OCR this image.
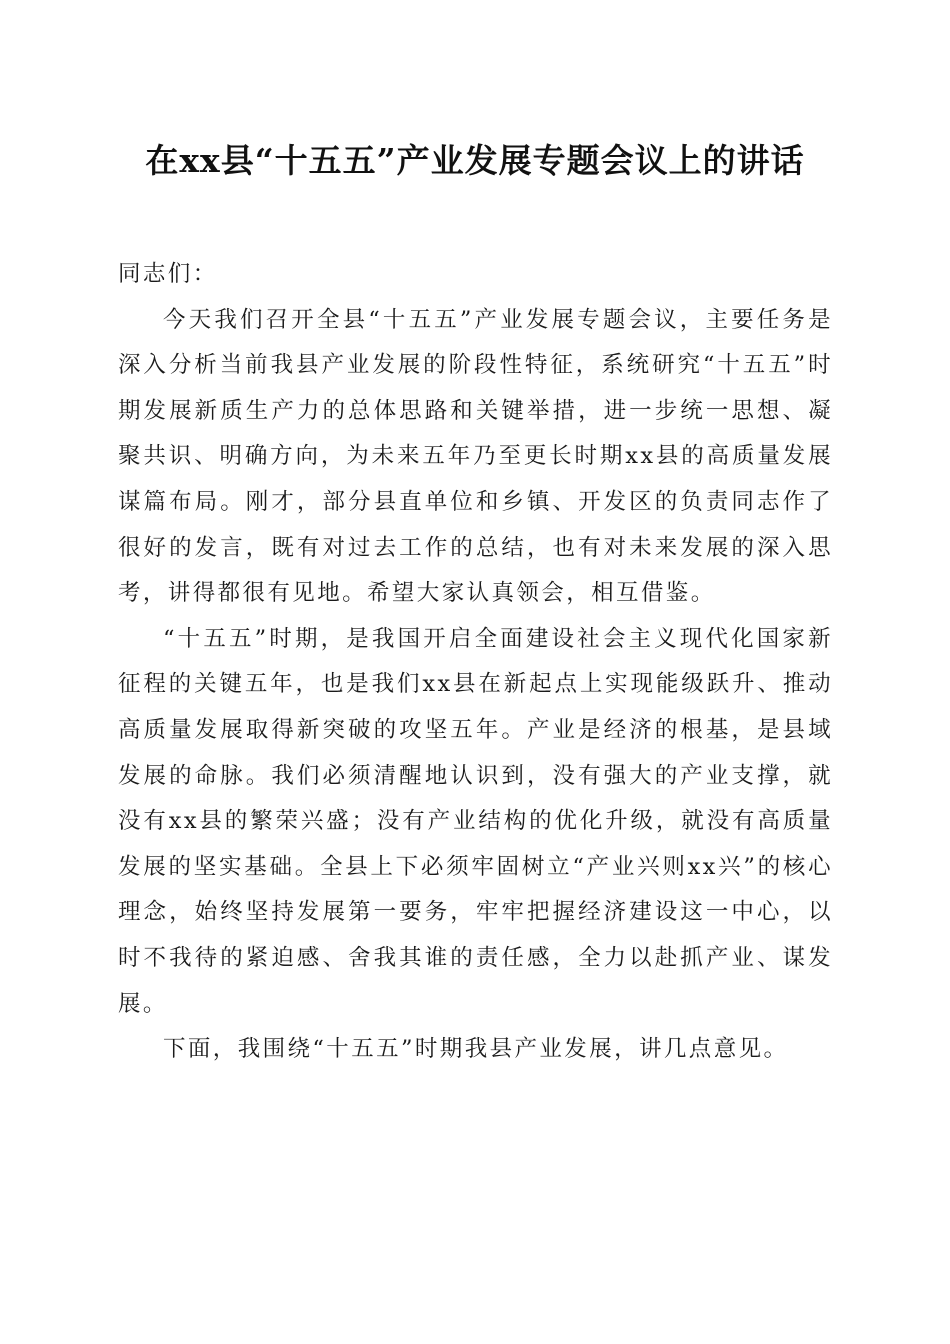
在xx县“十五五”产业发展专题会议上的讲话

同志们：

今天我们召开全县“十五五”产业发展专题会议，主要任务是深入分析当前我县产业发展的阶段性特征，系统研究“十五五”时期发展新质生产力的总体思路和关键举措，进一步统一思想、凝聚共识、明确方向，为未来五年乃至更长时期xx县的高质量发展谋篇布局。刚才，部分县直单位和乡镇、开发区的负责同志作了很好的发言，既有对过去工作的总结，也有对未来发展的深入思考，讲得都很有见地。希望大家认真领会，相互借鉴。

“十五五”时期，是我国开启全面建设社会主义现代化国家新征程的关键五年，也是我们xx县在新起点上实现能级跃升、推动高质量发展取得新突破的攻坚五年。产业是经济的根基，是县域发展的命脉。我们必须清醒地认识到，没有强大的产业支撑，就没有xx县的繁荣兴盛；没有产业结构的优化升级，就没有高质量发展的坚实基础。全县上下必须牢固树立“产业兴则xx兴”的核心理念，始终坚持发展第一要务，牢牢把握经济建设这一中心，以时不我待的紧迫感、舍我其谁的责任感，全力以赴抓产业、谋发展。

下面，我围绕“十五五”时期我县产业发展，讲几点意见。
